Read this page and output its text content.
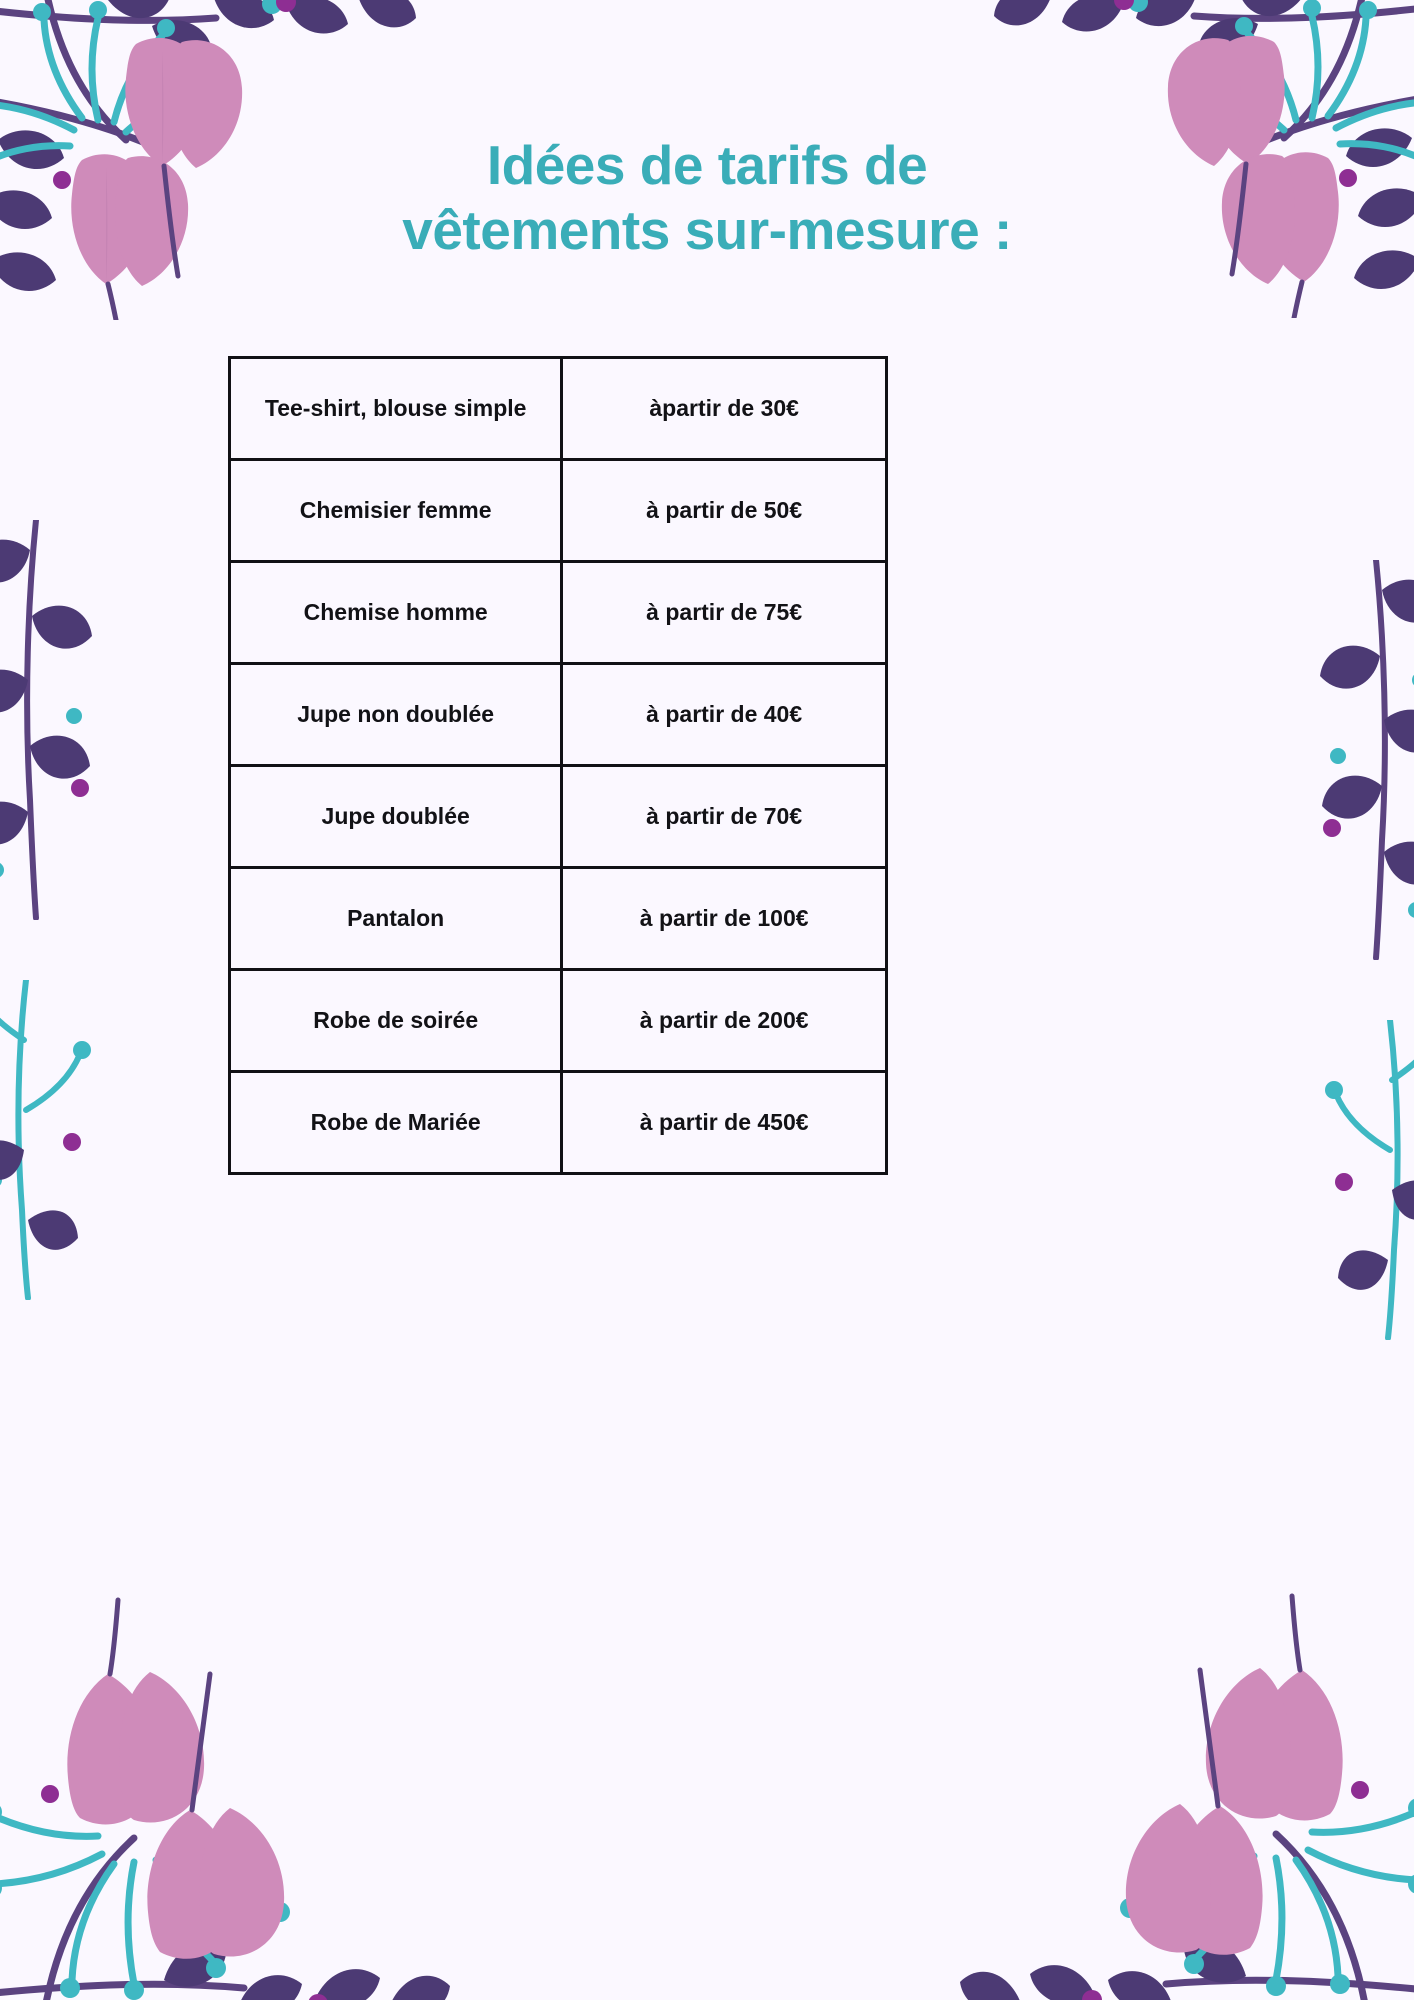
Idées de tarifs de
vêtements sur-mesure :
Tee-shirt, blouse simple	àpartir de 30€
Chemisier femme	à partir de 50€
Chemise homme	à partir de 75€
Jupe non doublée	à partir de 40€
Jupe doublée	à partir de 70€
Pantalon	à partir de 100€
Robe de soirée	à partir de 200€
Robe de Mariée	à partir de 450€
